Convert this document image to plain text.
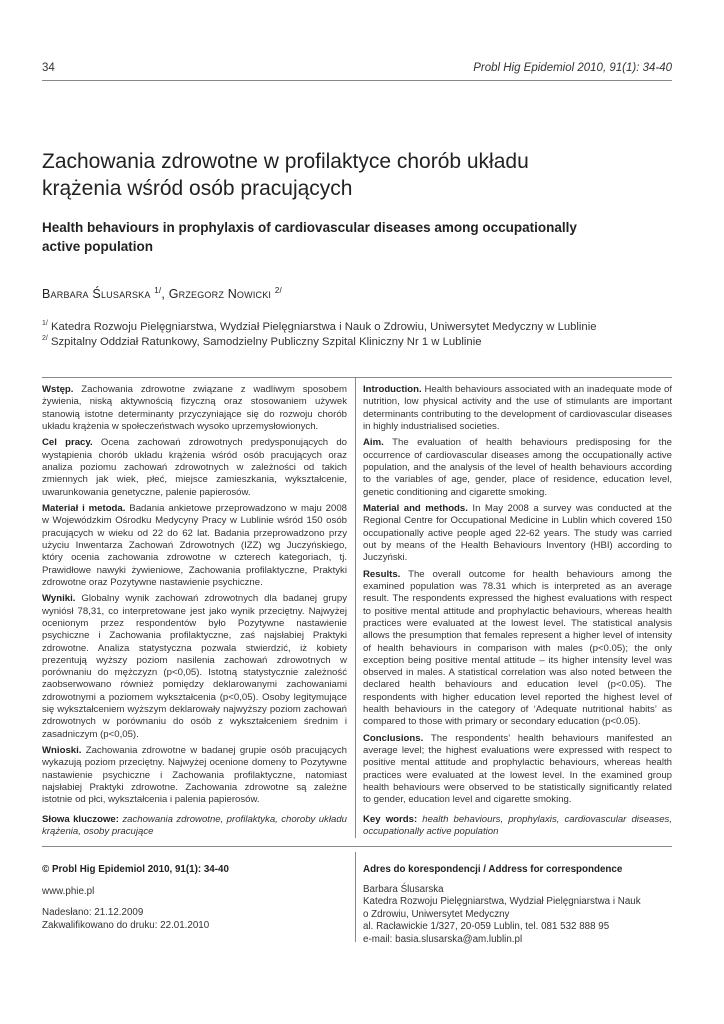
34	Probl Hig Epidemiol 2010, 91(1): 34-40
Zachowania zdrowotne w profilaktyce chorób układu
krążenia wśród osób pracujących
Health behaviours in prophylaxis of cardiovascular diseases among occupationally
active population
Barbara Ślusarska $^{1/}$, Grzegorz Nowicki $^{2/}$
$^{1/}$ Katedra Rozwoju Pielęgniarstwa, Wydział Pielęgniarstwa i Nauk o Zdrowiu, Uniwersytet Medyczny w Lublinie
$^{2/}$ Szpitalny Oddział Ratunkowy, Samodzielny Publiczny Szpital Kliniczny Nr 1 w Lublinie

Wstęp. Zachowania zdrowotne związane z wadliwym sposobem żywienia, niską aktywnością fizyczną oraz stosowaniem używek stanowią istotne determinanty przyczyniające się do rozwoju chorób układu krążenia w społeczeństwach wysoko uprzemysłowionych.

Cel pracy. Ocena zachowań zdrowotnych predysponujących do wystąpienia chorób układu krążenia wśród osób pracujących oraz analiza poziomu zachowań zdrowotnych w zależności od takich zmiennych jak wiek, płeć, miejsce zamieszkania, wykształcenie, uwarunkowania genetyczne, palenie papierosów.

Materiał i metoda. Badania ankietowe przeprowadzono w maju 2008 w Wojewódzkim Ośrodku Medycyny Pracy w Lublinie wśród 150 osób pracujących w wieku od 22 do 62 lat. Badania przeprowadzono przy użyciu Inwentarza Zachowań Zdrowotnych (IZZ) wg Juczyńskiego, który ocenia zachowania zdrowotne w czterech kategoriach, tj. Prawidłowe nawyki żywieniowe, Zachowania profilaktyczne, Praktyki zdrowotne oraz Pozytywne nastawienie psychiczne.

Wyniki. Globalny wynik zachowań zdrowotnych dla badanej grupy wyniósł 78,31, co interpretowane jest jako wynik przeciętny. Najwyżej ocenionym przez respondentów było Pozytywne nastawienie psychiczne i Zachowania profilaktyczne, zaś najsłabiej Praktyki zdrowotne. Analiza statystyczna pozwala stwierdzić, iż kobiety prezentują wyższy poziom nasilenia zachowań zdrowotnych w porównaniu do mężczyzn (p<0,05). Istotną statystycznie zależność zaobserwowano również pomiędzy deklarowanymi zachowaniami zdrowotnymi a poziomem wykształcenia (p<0,05). Osoby legitymujące się wykształceniem wyższym deklarowały najwyższy poziom zachowań zdrowotnych w porównaniu do osób z wykształceniem średnim i zasadniczym (p<0,05).

Wnioski. Zachowania zdrowotne w badanej grupie osób pracujących wykazują poziom przeciętny. Najwyżej ocenione domeny to Pozytywne nastawienie psychiczne i Zachowania profilaktyczne, natomiast najsłabiej Praktyki zdrowotne. Zachowania zdrowotne są zależne istotnie od płci, wykształcenia i palenia papierosów.

Słowa kluczowe: zachowania zdrowotne, profilaktyka, choroby układu krążenia, osoby pracujące

Introduction. Health behaviours associated with an inadequate mode of nutrition, low physical activity and the use of stimulants are important determinants contributing to the development of cardiovascular diseases in highly industrialised societies.

Aim. The evaluation of health behaviours predisposing for the occurrence of cardiovascular diseases among the occupationally active population, and the analysis of the level of health behaviours according to the variables of age, gender, place of residence, education level, genetic conditioning and cigarette smoking.

Material and methods. In May 2008 a survey was conducted at the Regional Centre for Occupational Medicine in Lublin which covered 150 occupationally active people aged 22-62 years. The study was carried out by means of the Health Behaviours Inventory (HBI) according to Juczyński.

Results. The overall outcome for health behaviours among the examined population was 78.31 which is interpreted as an average result. The respondents expressed the highest evaluations with respect to positive mental attitude and prophylactic behaviours, whereas health practices were evaluated at the lowest level. The statistical analysis allows the presumption that females represent a higher level of intensity of health behaviours in comparison with males (p<0.05); the only exception being positive mental attitude – its higher intensity level was observed in males. A statistical correlation was also noted between the declared health behaviours and education level (p<0.05). The respondents with higher education level reported the highest level of health behaviours in the category of ‘Adequate nutritional habits’ as compared to those with primary or secondary education (p<0.05).

Conclusions. The respondents’ health behaviours manifested an average level; the highest evaluations were expressed with respect to positive mental attitude and prophylactic behaviours, whereas health practices were evaluated at the lowest level. In the examined group health behaviours were observed to be statistically significantly related to gender, education level and cigarette smoking.

Key words: health behaviours, prophylaxis, cardiovascular diseases, occupationally active population

© Probl Hig Epidemiol 2010, 91(1): 34-40
www.phie.pl
Nadesłano: 21.12.2009
Zakwalifikowano do druku: 22.01.2010
Adres do korespondencji / Address for correspondence
Barbara Ślusarska
Katedra Rozwoju Pielęgniarstwa, Wydział Pielęgniarstwa i Nauk
o Zdrowiu, Uniwersytet Medyczny
al. Racławickie 1/327, 20-059 Lublin, tel. 081 532 888 95
e-mail: basia.slusarska@am.lublin.pl
